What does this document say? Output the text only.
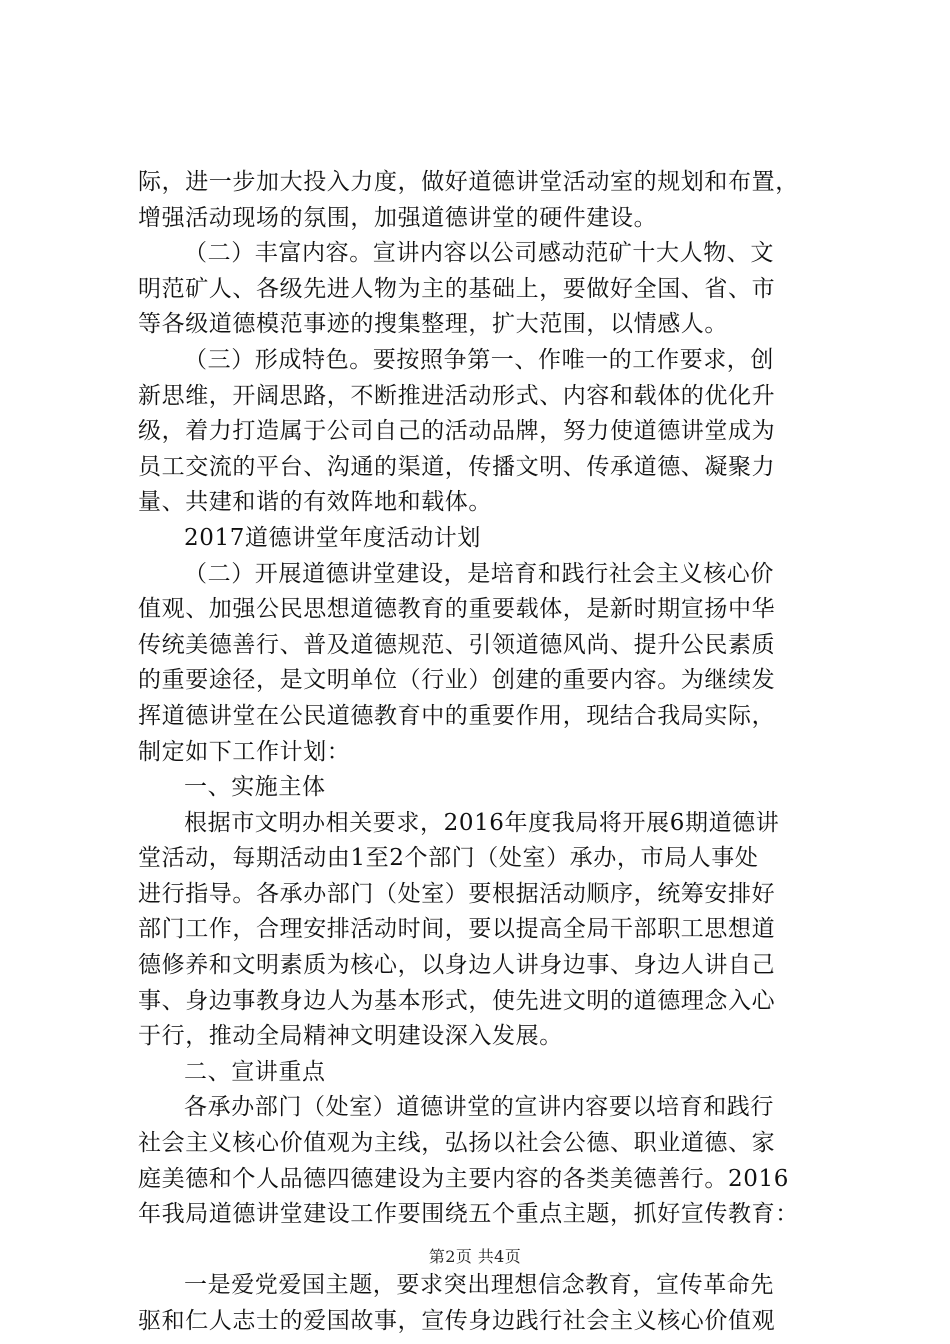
际，进一步加大投入力度，做好道德讲堂活动室的规划和布置，
增强活动现场的氛围，加强道德讲堂的硬件建设。
（二）丰富内容。宣讲内容以公司感动范矿十大人物、文
明范矿人、各级先进人物为主的基础上，要做好全国、省、市
等各级道德模范事迹的搜集整理，扩大范围，以情感人。
（三）形成特色。要按照争第一、作唯一的工作要求，创
新思维，开阔思路，不断推进活动形式、内容和载体的优化升
级，着力打造属于公司自己的活动品牌，努力使道德讲堂成为
员工交流的平台、沟通的渠道，传播文明、传承道德、凝聚力
量、共建和谐的有效阵地和载体。
2017道德讲堂年度活动计划
（二）开展道德讲堂建设，是培育和践行社会主义核心价
值观、加强公民思想道德教育的重要载体，是新时期宣扬中华
传统美德善行、普及道德规范、引领道德风尚、提升公民素质
的重要途径，是文明单位（行业）创建的重要内容。为继续发
挥道德讲堂在公民道德教育中的重要作用，现结合我局实际，
制定如下工作计划：
一、实施主体
根据市文明办相关要求，2016年度我局将开展6期道德讲
堂活动，每期活动由1至2个部门（处室）承办，市局人事处
进行指导。各承办部门（处室）要根据活动顺序，统筹安排好
部门工作，合理安排活动时间，要以提高全局干部职工思想道
德修养和文明素质为核心，以身边人讲身边事、身边人讲自己
事、身边事教身边人为基本形式，使先进文明的道德理念入心
于行，推动全局精神文明建设深入发展。
二、宣讲重点
各承办部门（处室）道德讲堂的宣讲内容要以培育和践行
社会主义核心价值观为主线，弘扬以社会公德、职业道德、家
庭美德和个人品德四德建设为主要内容的各类美德善行。2016
年我局道德讲堂建设工作要围绕五个重点主题，抓好宣传教育：
一是爱党爱国主题，要求突出理想信念教育，宣传革命先
驱和仁人志士的爱国故事，宣传身边践行社会主义核心价值观
第2页 共4页
